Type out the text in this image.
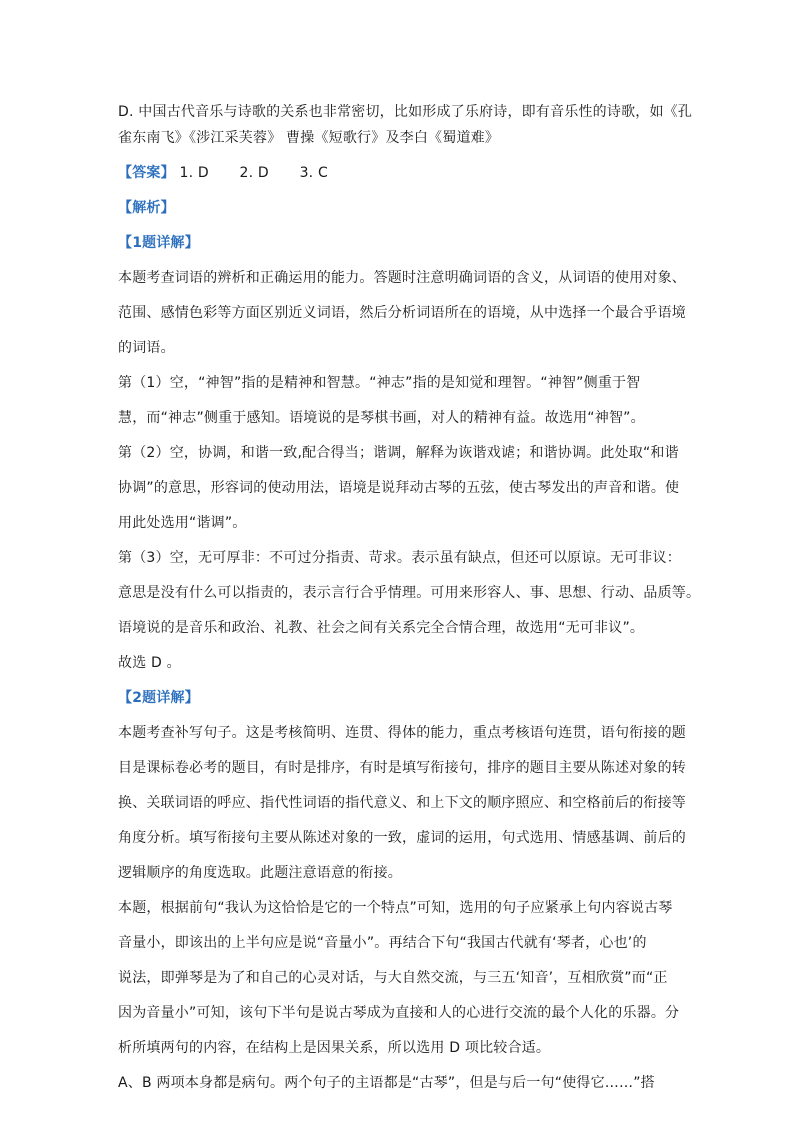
D. 中国古代音乐与诗歌的关系也非常密切，比如形成了乐府诗，即有音乐性的诗歌，如《孔
雀东南飞》《涉江采芙蓉》 曹操《短歌行》及李白《蜀道难》
【答案】 1. D 2. D 3. C
【解析】
【1题详解】
本题考查词语的辨析和正确运用的能力。答题时注意明确词语的含义，从词语的使用对象、
范围、感情色彩等方面区别近义词语，然后分析词语所在的语境，从中选择一个最合乎语境
的词语。
第（1）空，“神智”指的是精神和智慧。“神志”指的是知觉和理智。“神智”侧重于智
慧，而“神志”侧重于感知。语境说的是琴棋书画，对人的精神有益。故选用“神智”。
第（2）空，协调，和谐一致,配合得当；谐调，解释为诙谐戏谑；和谐协调。此处取“和谐
协调”的意思，形容词的使动用法，语境是说拜动古琴的五弦，使古琴发出的声音和谐。使
用此处选用“谐调”。
第（3）空，无可厚非：不可过分指责、苛求。表示虽有缺点，但还可以原谅。无可非议：
意思是没有什么可以指责的，表示言行合乎情理。可用来形容人、事、思想、行动、品质等。
语境说的是音乐和政治、礼教、社会之间有关系完全合情合理，故选用“无可非议”。
故选 D 。
【2题详解】
本题考查补写句子。这是考核简明、连贯、得体的能力，重点考核语句连贯，语句衔接的题
目是课标卷必考的题目，有时是排序，有时是填写衔接句，排序的题目主要从陈述对象的转
换、关联词语的呼应、指代性词语的指代意义、和上下文的顺序照应、和空格前后的衔接等
角度分析。填写衔接句主要从陈述对象的一致，虚词的运用，句式选用、情感基调、前后的
逻辑顺序的角度选取。此题注意语意的衔接。
本题，根据前句“我认为这恰恰是它的一个特点”可知，选用的句子应紧承上句内容说古琴
音量小，即该出的上半句应是说“音量小”。再结合下句“我国古代就有‘琴者，心也’的
说法，即弹琴是为了和自己的心灵对话，与大自然交流，与三五‘知音’，互相欣赏”而“正
因为音量小”可知，该句下半句是说古琴成为直接和人的心进行交流的最个人化的乐器。分
析所填两句的内容，在结构上是因果关系，所以选用 D 项比较合适。
A、B 两项本身都是病句。两个句子的主语都是“古琴”，但是与后一句“使得它……”搭
